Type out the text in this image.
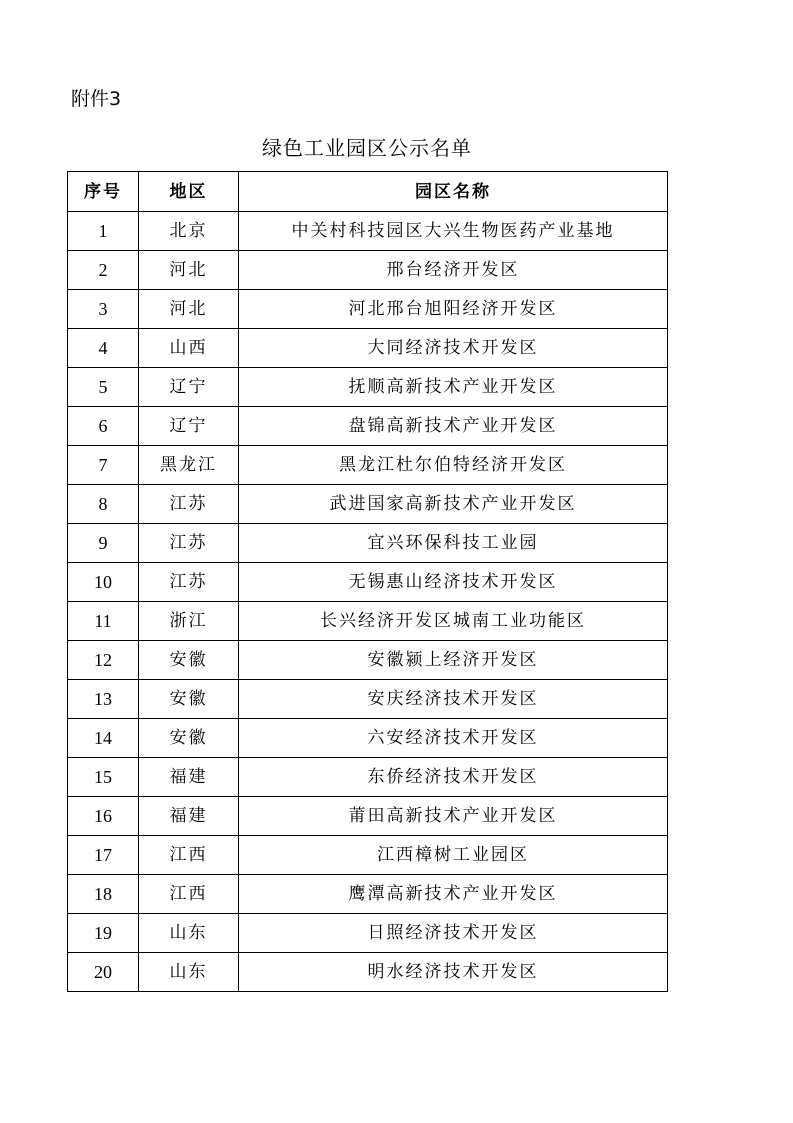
附件3
绿色工业园区公示名单
序号	地区	园区名称
1	北京	中关村科技园区大兴生物医药产业基地
2	河北	邢台经济开发区
3	河北	河北邢台旭阳经济开发区
4	山西	大同经济技术开发区
5	辽宁	抚顺高新技术产业开发区
6	辽宁	盘锦高新技术产业开发区
7	黑龙江	黑龙江杜尔伯特经济开发区
8	江苏	武进国家高新技术产业开发区
9	江苏	宜兴环保科技工业园
10	江苏	无锡惠山经济技术开发区
11	浙江	长兴经济开发区城南工业功能区
12	安徽	安徽颍上经济开发区
13	安徽	安庆经济技术开发区
14	安徽	六安经济技术开发区
15	福建	东侨经济技术开发区
16	福建	莆田高新技术产业开发区
17	江西	江西樟树工业园区
18	江西	鹰潭高新技术产业开发区
19	山东	日照经济技术开发区
20	山东	明水经济技术开发区
